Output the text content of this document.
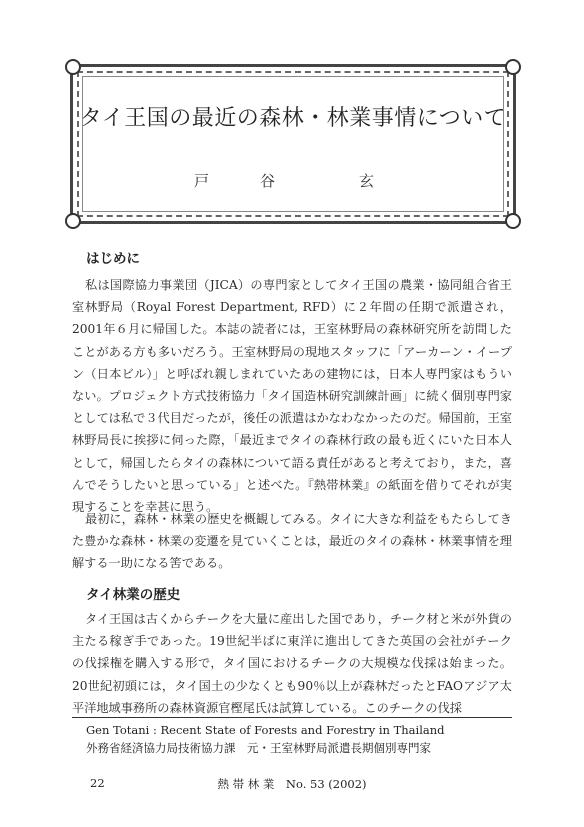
タイ王国の最近の森林・林業事情について
戸　谷　　玄
はじめに

私は国際協力事業団（JICA）の専門家としてタイ王国の農業・協同組合省王室林野局（Royal Forest Department, RFD）に２年間の任期で派遣され，2001年６月に帰国した。本誌の読者には，王室林野局の森林研究所を訪問したことがある方も多いだろう。王室林野局の現地スタッフに「アーカーン・イープン（日本ビル）」と呼ばれ親しまれていたあの建物には，日本人専門家はもういない。プロジェクト方式技術協力「タイ国造林研究訓練計画」に続く個別専門家としては私で３代目だったが，後任の派遣はかなわなかったのだ。帰国前，王室林野局長に挨拶に伺った際，「最近までタイの森林行政の最も近くにいた日本人として，帰国したらタイの森林について語る責任があると考えており，また，喜んでそうしたいと思っている」と述べた。『熱帯林業』の紙面を借りてそれが実現することを幸甚に思う。

最初に，森林・林業の歴史を概観してみる。タイに大きな利益をもたらしてきた豊かな森林・林業の変遷を見ていくことは，最近のタイの森林・林業事情を理解する一助になる筈である。

タイ林業の歴史

タイ王国は古くからチークを大量に産出した国であり，チーク材と米が外貨の主たる稼ぎ手であった。19世紀半ばに東洋に進出してきた英国の会社がチークの伐採権を購入する形で，タイ国におけるチークの大規模な伐採は始まった。20世紀初頭には，タイ国土の少なくとも90％以上が森林だったとFAOアジア太平洋地域事務所の森林資源官樫尾氏は試算している。このチークの伐採

Gen Totani : Recent State of Forests and Forestry in Thailand
外務省経済協力局技術協力課　元・王室林野局派遣長期個別専門家
22	熱 帯 林 業　No. 53 (2002)
